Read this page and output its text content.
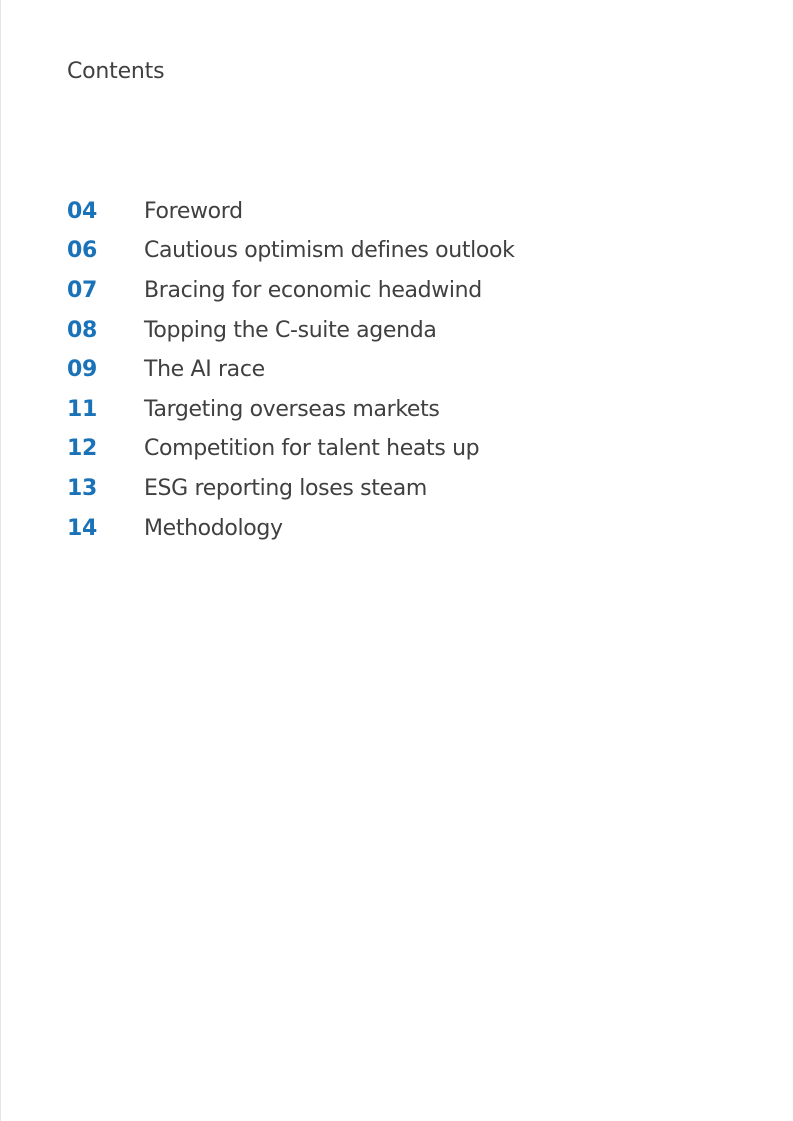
Contents
04	Foreword
06	Cautious optimism defines outlook
07	Bracing for economic headwind
08	Topping the C-suite agenda
09	The AI race
11	Targeting overseas markets
12	Competition for talent heats up
13	ESG reporting loses steam
14	Methodology
